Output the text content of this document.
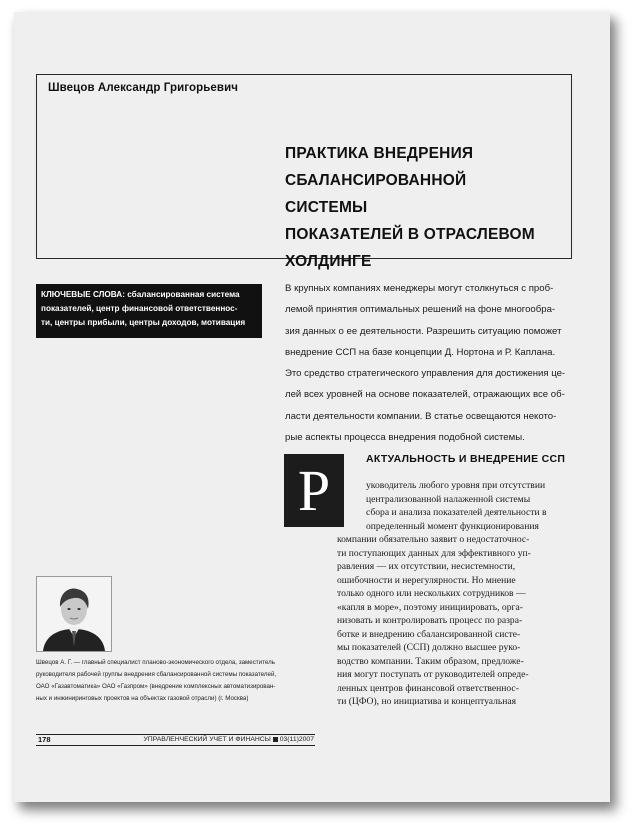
Швецов Александр Григорьевич
ПРАКТИКА ВНЕДРЕНИЯ
СБАЛАНСИРОВАННОЙ СИСТЕМЫ
ПОКАЗАТЕЛЕЙ В ОТРАСЛЕВОМ
ХОЛДИНГЕ
КЛЮЧЕВЫЕ СЛОВА: сбалансированная система
показателей, центр финансовой ответственнос-
ти, центры прибыли, центры доходов, мотивация
В крупных компаниях менеджеры могут столкнуться с проб-
лемой принятия оптимальных решений на фоне многообра-
зия данных о ее деятельности. Разрешить ситуацию поможет
внедрение ССП на базе концепции Д. Нортона и Р. Каплана.
Это средство стратегического управления для достижения це-
лей всех уровней на основе показателей, отражающих все об-
ласти деятельности компании. В статье освещаются некото-
рые аспекты процесса внедрения подобной системы.
Р	АКТУАЛЬНОСТЬ И ВНЕДРЕНИЕ ССП
уководитель любого уровня при отсутствии
централизованной налаженной системы
сбора и анализа показателей деятельности в
определенный момент функционирования
компании обязательно заявит о недостаточнос-
ти поступающих данных для эффективного уп-
равления — их отсутствии, несистемности,
ошибочности и нерегулярности. Но мнение
только одного или нескольких сотрудников —
«капля в море», поэтому инициировать, орга-
низовать и контролировать процесс по разра-
ботке и внедрению сбалансированной систе-
мы показателей (ССП) должно высшее руко-
водство компании. Таким образом, предложе-
ния могут поступать от руководителей опреде-
ленных центров финансовой ответственнос-
ти (ЦФО), но инициатива и концептуальная
Швецов А. Г. — главный специалист планово-экономического отдела, заместитель
руководителя рабочей группы внедрения сбалансированной системы показателей,
ОАО «Газавтоматика» ОАО «Газпром» (внедрение комплексных автоматизирован-
ных и инжиниринговых проектов на объектах газовой отрасли) (г. Москва)
178	УПРАВЛЕНЧЕСКИЙ УЧЕТ И ФИНАНСЫ 03(11)2007
